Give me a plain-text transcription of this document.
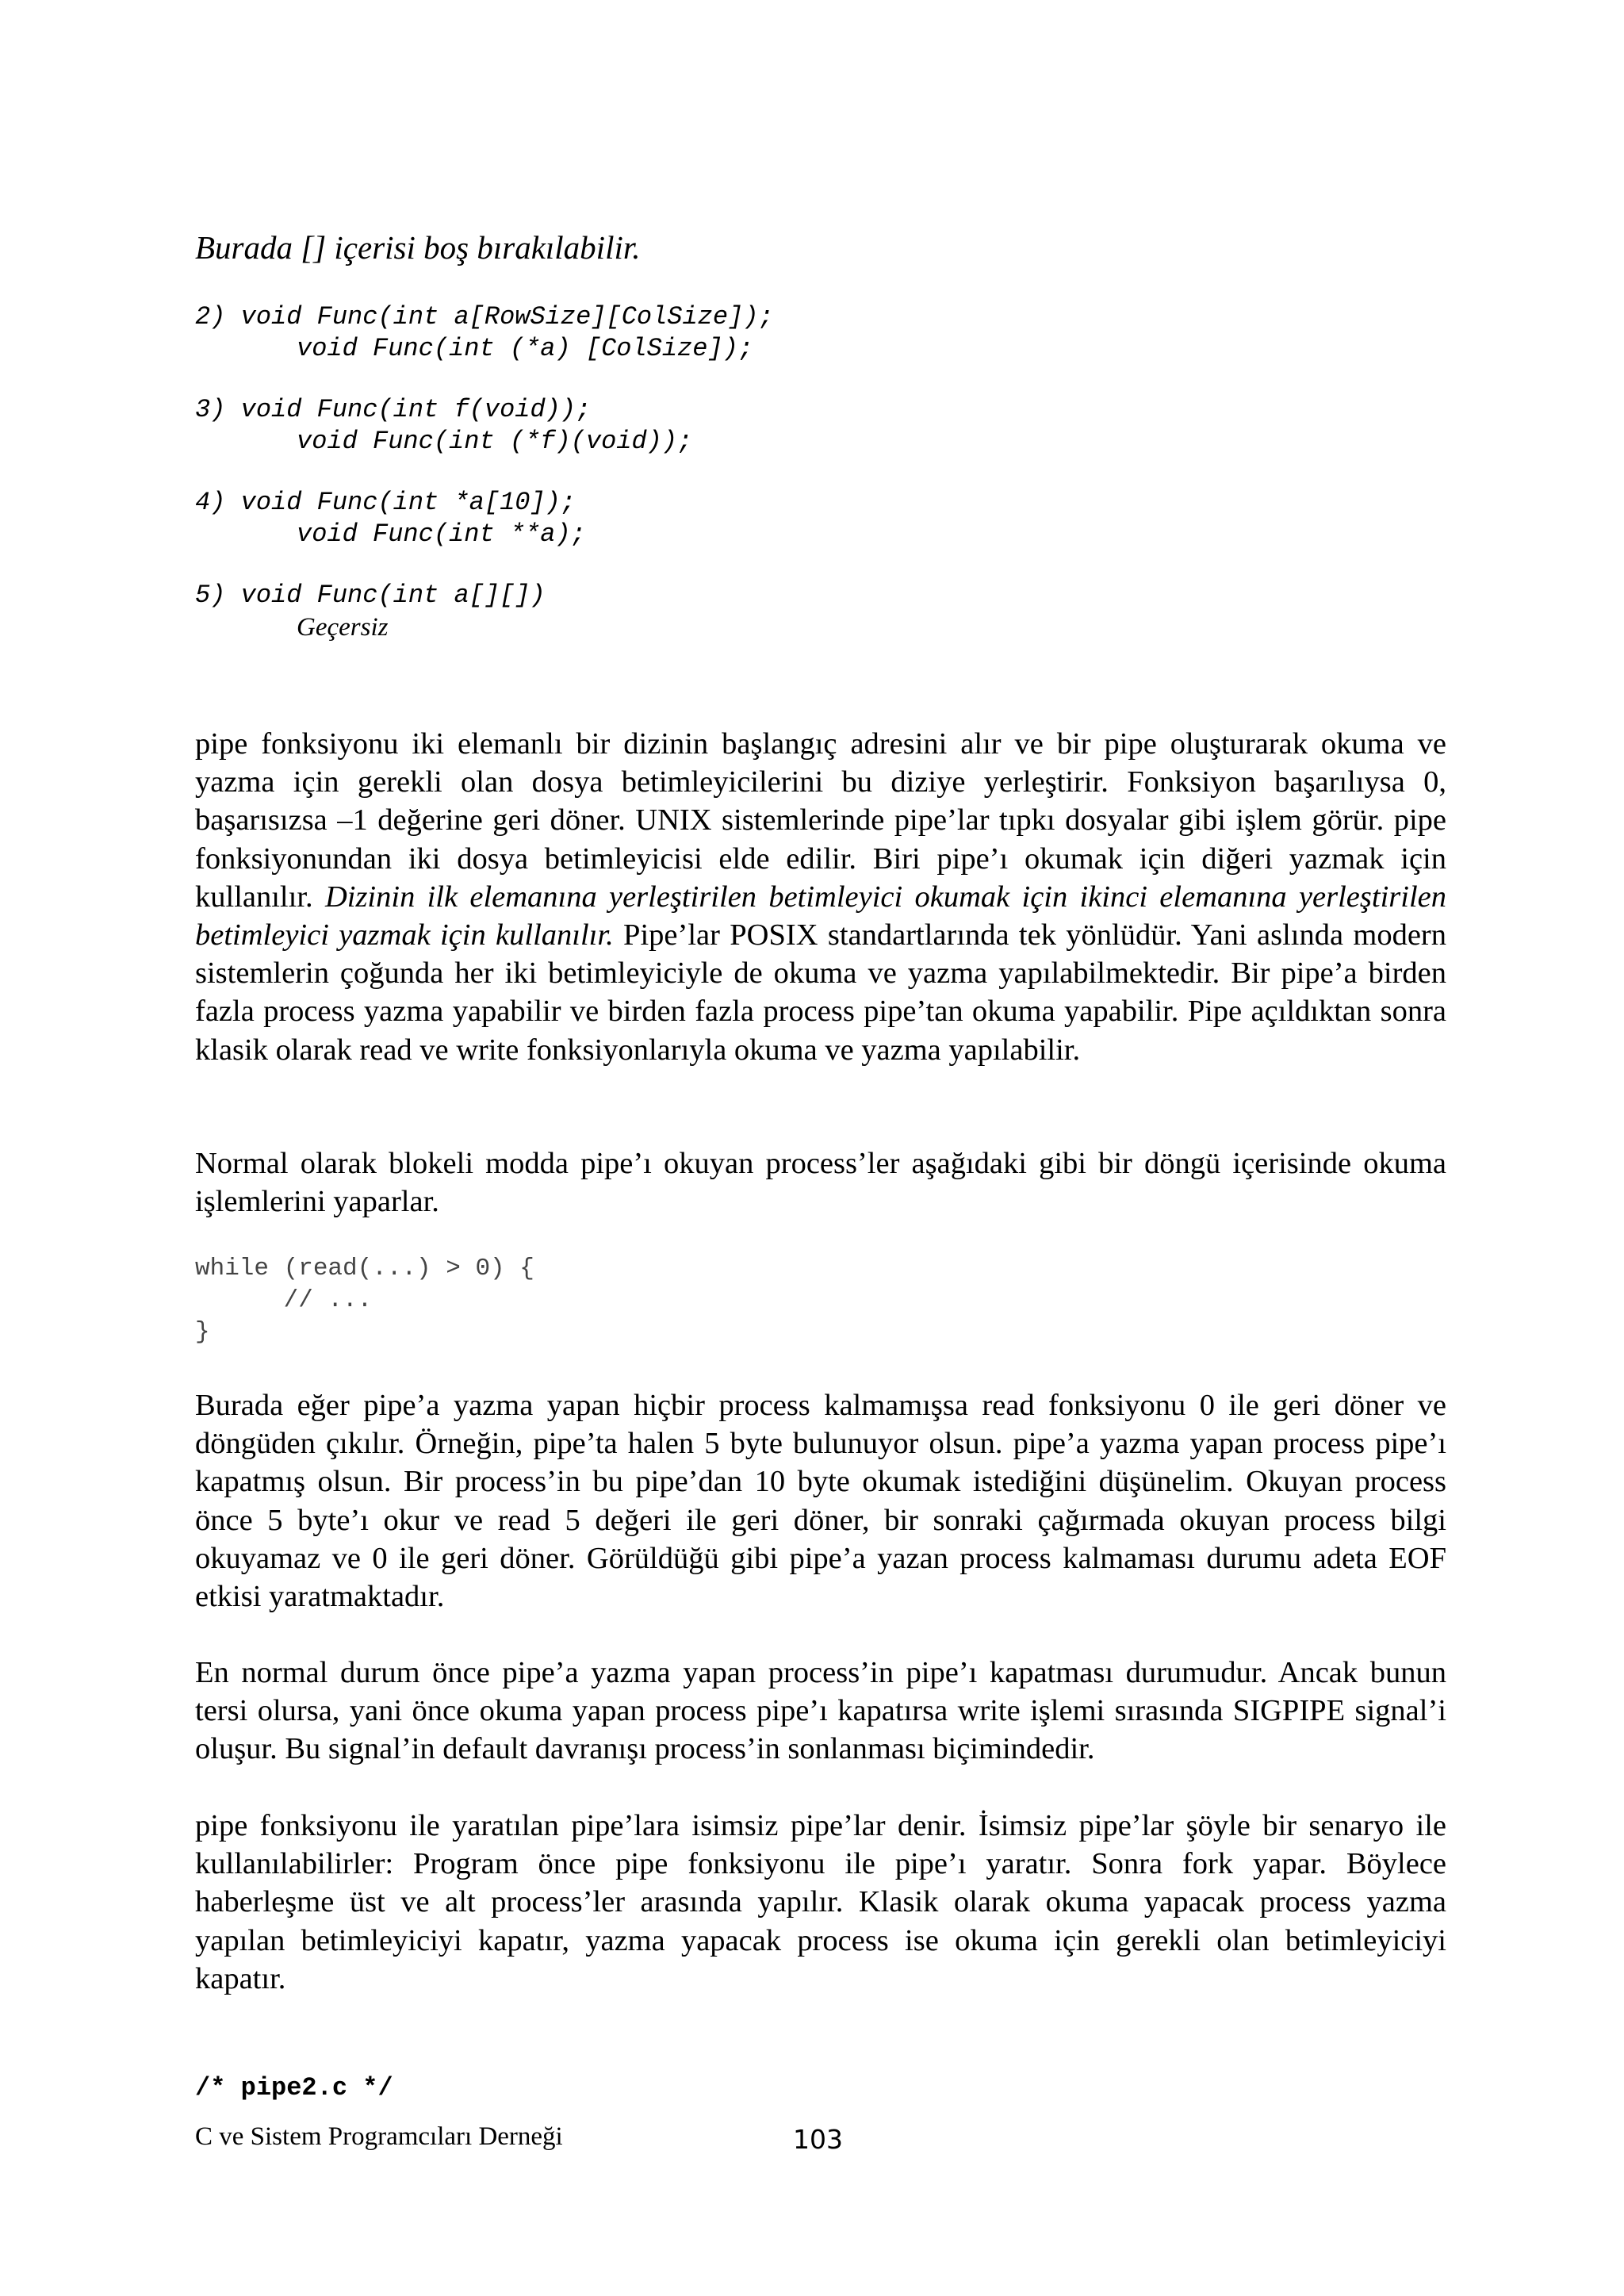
Burada [] içerisi boş bırakılabilir.
2) void Func(int a[RowSize][ColSize]);
void Func(int (*a) [ColSize]);
3) void Func(int f(void));
void Func(int (*f)(void));
4) void Func(int *a[10]);
void Func(int **a);
5) void Func(int a[][])
Geçersiz

pipe fonksiyonu iki elemanlı bir dizinin başlangıç adresini alır ve bir pipe oluşturarak okuma ve yazma için gerekli olan dosya betimleyicilerini bu diziye yerleştirir. Fonksiyon başarılıysa 0, başarısızsa –1 değerine geri döner. UNIX sistemlerinde pipe’lar tıpkı dosyalar gibi işlem görür. pipe fonksiyonundan iki dosya betimleyicisi elde edilir. Biri pipe’ı okumak için diğeri yazmak için kullanılır. Dizinin ilk elemanına yerleştirilen betimleyici okumak için ikinci elemanına yerleştirilen betimleyici yazmak için kullanılır. Pipe’lar POSIX standartlarında tek yönlüdür. Yani aslında modern sistemlerin çoğunda her iki betimleyiciyle de okuma ve yazma yapılabilmektedir. Bir pipe’a birden fazla process yazma yapabilir ve birden fazla process pipe’tan okuma yapabilir. Pipe açıldıktan sonra klasik olarak read ve write fonksiyonlarıyla okuma ve yazma yapılabilir.

Normal olarak blokeli modda pipe’ı okuyan process’ler aşağıdaki gibi bir döngü içerisinde okuma işlemlerini yaparlar.

while (read(...) > 0) {
// ...
}

Burada eğer pipe’a yazma yapan hiçbir process kalmamışsa read fonksiyonu 0 ile geri döner ve döngüden çıkılır. Örneğin, pipe’ta halen 5 byte bulunuyor olsun. pipe’a yazma yapan process pipe’ı kapatmış olsun. Bir process’in bu pipe’dan 10 byte okumak istediğini düşünelim. Okuyan process önce 5 byte’ı okur ve read 5 değeri ile geri döner, bir sonraki çağırmada okuyan process bilgi okuyamaz ve 0 ile geri döner. Görüldüğü gibi pipe’a yazan process kalmaması durumu adeta EOF etkisi yaratmaktadır.

En normal durum önce pipe’a yazma yapan process’in pipe’ı kapatması durumudur. Ancak bunun tersi olursa, yani önce okuma yapan process pipe’ı kapatırsa write işlemi sırasında SIGPIPE signal’i oluşur. Bu signal’in default davranışı process’in sonlanması biçimindedir.

pipe fonksiyonu ile yaratılan pipe’lara isimsiz pipe’lar denir. İsimsiz pipe’lar şöyle bir senaryo ile kullanılabilirler: Program önce pipe fonksiyonu ile pipe’ı yaratır. Sonra fork yapar. Böylece haberleşme üst ve alt process’ler arasında yapılır. Klasik olarak okuma yapacak process yazma yapılan betimleyiciyi kapatır, yazma yapacak process ise okuma için gerekli olan betimleyiciyi kapatır.

/* pipe2.c */
C ve Sistem Programcıları Derneği	103
